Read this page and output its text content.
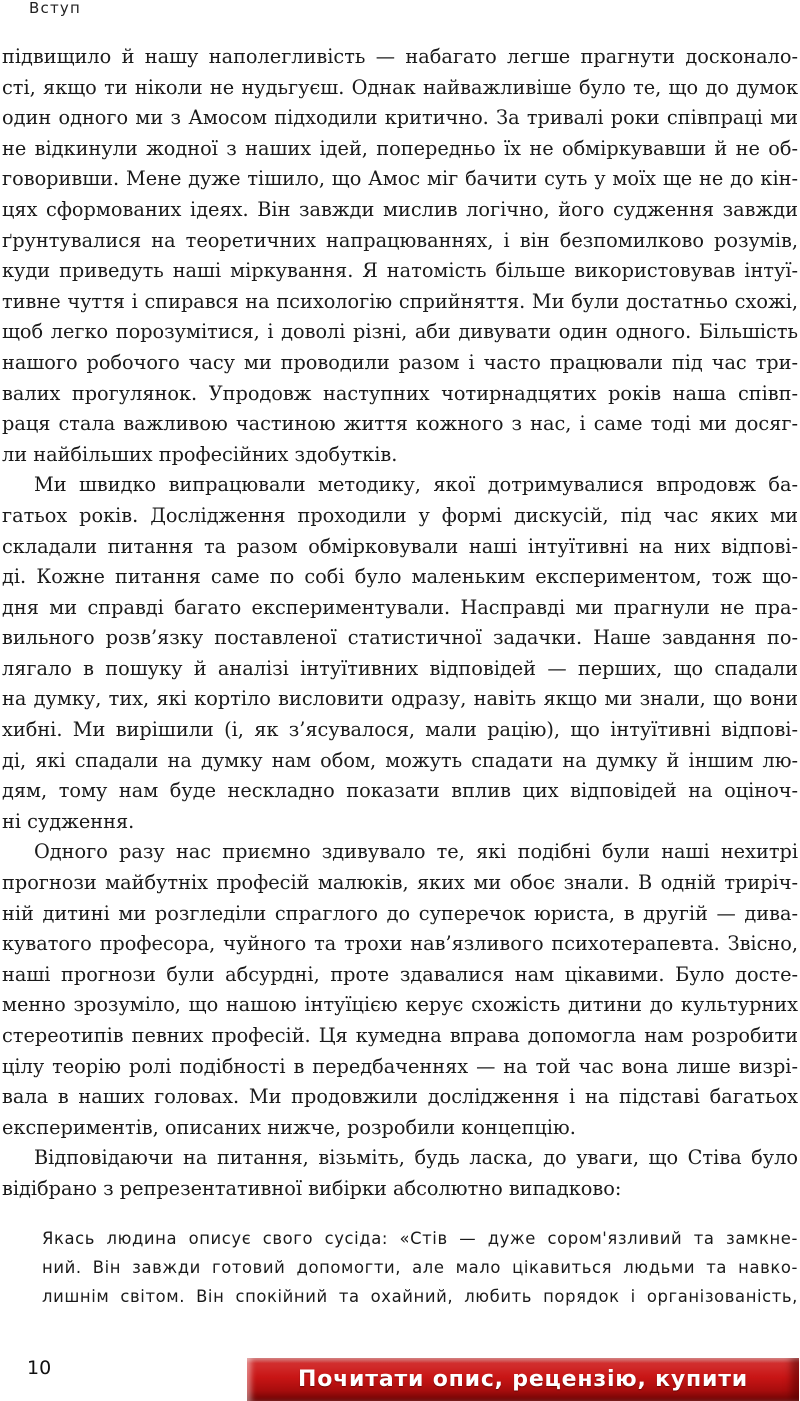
Вступ
підвищило й нашу наполегливість — набагато легше прагнути досконало-
сті, якщо ти ніколи не нудьгуєш. Однак найважливіше було те, що до думок
один одного ми з Амосом підходили критично. За тривалі роки співпраці ми
не відкинули жодної з наших ідей, попередньо їх не обміркувавши й не об-
говоривши. Мене дуже тішило, що Амос міг бачити суть у моїх ще не до кін-
цях сформованих ідеях. Він завжди мислив логічно, його судження завжди
ґрунтувалися на теоретичних напрацюваннях, і він безпомилково розумів,
куди приведуть наші міркування. Я натомість більше використовував інтуї-
тивне чуття і спирався на психологію сприйняття. Ми були достатньо схожі,
щоб легко порозумітися, і доволі різні, аби дивувати один одного. Більшість
нашого робочого часу ми проводили разом і часто працювали під час три-
валих прогулянок. Упродовж наступних чотирнадцятих років наша співп-
раця стала важливою частиною життя кожного з нас, і саме тоді ми досяг-
ли найбільших професійних здобутків.
Ми швидко випрацювали методику, якої дотримувалися впродовж ба-
гатьох років. Дослідження проходили у формі дискусій, під час яких ми
складали питання та разом обмірковували наші інтуїтивні на них відпові-
ді. Кожне питання саме по собі було маленьким експериментом, тож що-
дня ми справді багато експериментували. Насправді ми прагнули не пра-
вильного розв’язку поставленої статистичної задачки. Наше завдання по-
лягало в пошуку й аналізі інтуїтивних відповідей — перших, що спадали
на думку, тих, які кортіло висловити одразу, навіть якщо ми знали, що вони
хибні. Ми вирішили (і, як з’ясувалося, мали рацію), що інтуїтивні відпові-
ді, які спадали на думку нам обом, можуть спадати на думку й іншим лю-
дям, тому нам буде нескладно показати вплив цих відповідей на оціноч-
ні судження.
Одного разу нас приємно здивувало те, які подібні були наші нехитрі
прогнози майбутніх професій малюків, яких ми обоє знали. В одній триріч-
ній дитині ми розгледіли спраглого до суперечок юриста, в другій — дива-
куватого професора, чуйного та трохи нав’язливого психотерапевта. Звісно,
наші прогнози були абсурдні, проте здавалися нам цікавими. Було досте-
менно зрозуміло, що нашою інтуїцією керує схожість дитини до культурних
стереотипів певних професій. Ця кумедна вправа допомогла нам розробити
цілу теорію ролі подібності в передбаченнях — на той час вона лише визрі-
вала в наших головах. Ми продовжили дослідження і на підставі багатьох
експериментів, описаних нижче, розробили концепцію.
Відповідаючи на питання, візьміть, будь ласка, до уваги, що Стіва було
відібрано з репрезентативної вибірки абсолютно випадково:
Якась людина описує свого сусіда: «Стів — дуже сором'язливий та замкне-
ний. Він завжди готовий допомогти, але мало цікавиться людьми та навко-
лишнім світом. Він спокійний та охайний, любить порядок і організованість,
10	Почитати опис, рецензію, купити
